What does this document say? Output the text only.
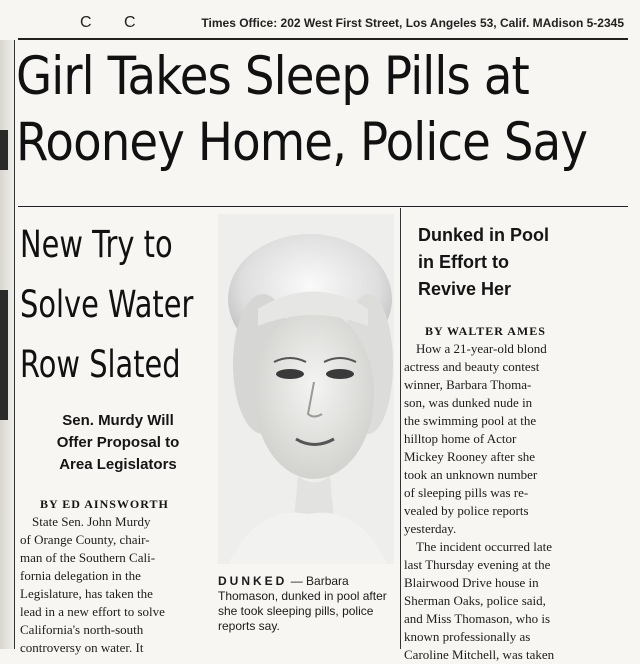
C C	Times Office: 202 West First Street, Los Angeles 53, Calif. MAdison 5-2345
Girl Takes Sleep Pills at
Rooney Home, Police Say
New Try to
Solve Water
Row Slated
Sen. Murdy Will
Offer Proposal to
Area Legislators
BY ED AINSWORTH
State Sen. John Murdy
of Orange County, chair-
man of the Southern Cali-
fornia delegation in the
Legislature, has taken the
lead in a new effort to solve
California's north-south
controversy on water. It
DUNKED — Barbara Thomason, dunked in pool after she took sleeping pills, police reports say.
Dunked in Pool
in Effort to
Revive Her
BY WALTER AMES
How a 21-year-old blond
actress and beauty contest
winner, Barbara Thoma-
son, was dunked nude in
the swimming pool at the
hilltop home of Actor
Mickey Rooney after she
took an unknown number
of sleeping pills was re-
vealed by police reports
yesterday.
The incident occurred late
last Thursday evening at the
Blairwood Drive house in
Sherman Oaks, police said,
and Miss Thomason, who is
known professionally as
Caroline Mitchell, was taken
